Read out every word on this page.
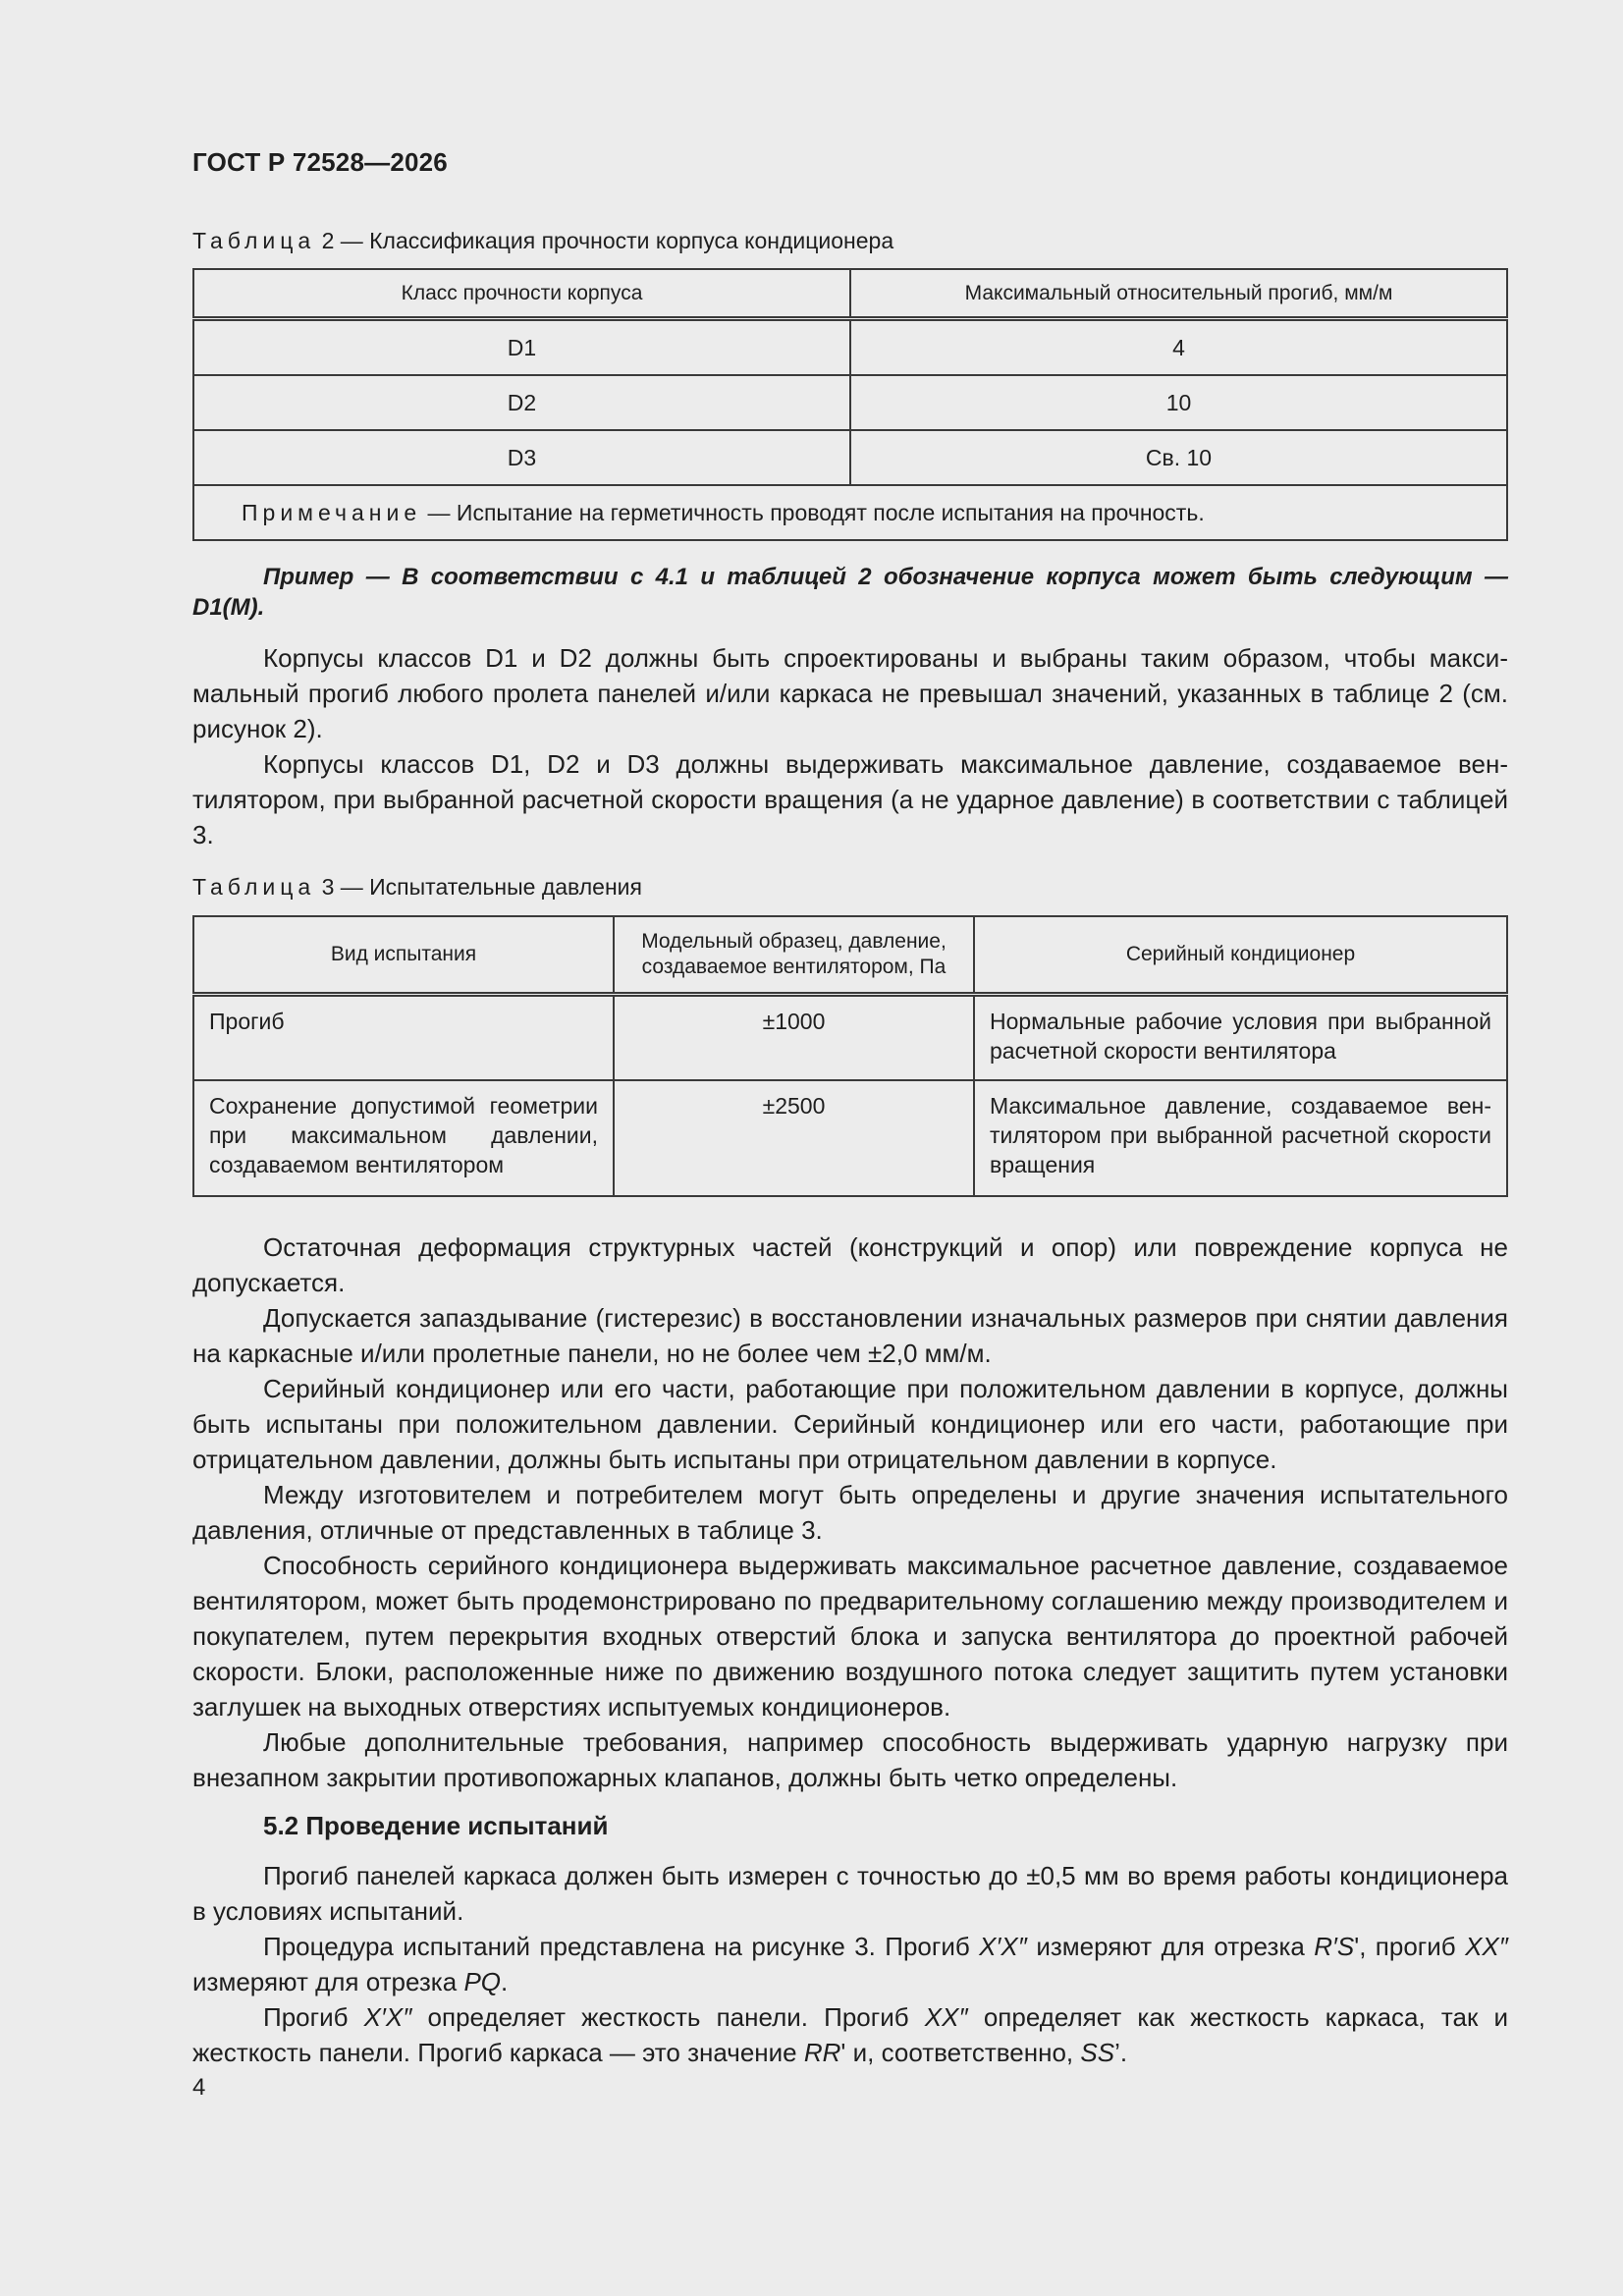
ГОСТ Р 72528—2026
Таблица 2 — Классификация прочности корпуса кондиционера
Класс прочности корпуса	Максимальный относительный прогиб, мм/м
D1	4
D2	10
D3	Св. 10
Примечание — Испытание на герметичность проводят после испытания на прочность.	

Пример — В соответствии с 4.1 и таблицей 2 обозначение корпуса может быть следующим — D1(M).

Корпусы классов D1 и D2 должны быть спроектированы и выбраны таким образом, чтобы максимальный прогиб любого пролета панелей и/или каркаса не превышал значений, указанных в таблице 2 (см. рисунок 2).

Корпусы классов D1, D2 и D3 должны выдерживать максимальное давление, создаваемое вентилятором, при выбранной расчетной скорости вращения (а не ударное давление) в соответствии с таблицей 3.

Таблица 3 — Испытательные давления
Вид испытания	Модельный образец, давление, создаваемое вентилятором, Па	Серийный кондиционер
Прогиб	±1000	Нормальные рабочие условия при выбранной расчетной скорости вентилятора
Сохранение допустимой геометрии при максимальном давлении, создаваемом вентилятором	±2500	Максимальное давление, создаваемое вентилятором при выбранной расчетной скорости вращения

Остаточная деформация структурных частей (конструкций и опор) или повреждение корпуса не допускается.

Допускается запаздывание (гистерезис) в восстановлении изначальных размеров при снятии давления на каркасные и/или пролетные панели, но не более чем ±2,0 мм/м.

Серийный кондиционер или его части, работающие при положительном давлении в корпусе, должны быть испытаны при положительном давлении. Серийный кондиционер или его части, работающие при отрицательном давлении, должны быть испытаны при отрицательном давлении в корпусе.

Между изготовителем и потребителем могут быть определены и другие значения испытательного давления, отличные от представленных в таблице 3.

Способность серийного кондиционера выдерживать максимальное расчетное давление, создаваемое вентилятором, может быть продемонстрировано по предварительному соглашению между производителем и покупателем, путем перекрытия входных отверстий блока и запуска вентилятора до проектной рабочей скорости. Блоки, расположенные ниже по движению воздушного потока следует защитить путем установки заглушек на выходных отверстиях испытуемых кондиционеров.

Любые дополнительные требования, например способность выдерживать ударную нагрузку при внезапном закрытии противопожарных клапанов, должны быть четко определены.

5.2 Проведение испытаний

Прогиб панелей каркаса должен быть измерен с точностью до ±0,5 мм во время работы кондиционера в условиях испытаний.

Процедура испытаний представлена на рисунке 3. Прогиб X′X″ измеряют для отрезка R′S', прогиб XX″ измеряют для отрезка PQ.

Прогиб X′X″ определяет жесткость панели. Прогиб XX″ определяет как жесткость каркаса, так и жесткость панели. Прогиб каркаса — это значение RR' и, соответственно, SS’.

4
